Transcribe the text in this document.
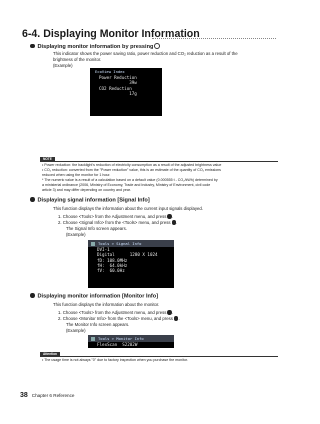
6-4. Displaying Monitor Information
Displaying monitor information by pressing
This indicator shows the power saving ratio, power reduction and CO₂ reduction as a result of the
brightness of the monitor.
(Example)
EcoView Index
Power Reduction
39w
CO2 Reduction
17g
NOTE
• Power reduction: the backlight's reduction of electricity consumption as a result of the adjusted brightness value
• CO₂ reduction: converted from the "Power reduction" value, this is an estimate of the quantity of CO₂ emissions
reduced when using the monitor for 1 hour.
* The numeric value is a result of a calculation based on a default value (0.000555 t - CO₂/kWh) determined by
a ministerial ordinance (2006, Ministry of Economy, Trade and Industry, Ministry of Environment, civil code
article 3) and may differ depending on country and year.
Displaying signal information [Signal Info]
This function displays the information about the current input signals displayed.
1. Choose <Tools> from the Adjustment menu, and press .
2. Choose <Signal Info> from the <Tools> menu, and press .
The Signal Info screen appears.
(Example)
Tools > Signal Info
DVI-1
Digital      1280 X 1024
fD: 108.0MHz
fH:  64.0kHz
fV:  60.0Hz
Displaying monitor information [Monitor Info]
This function displays the information about the monitor.
1. Choose <Tools> from the Adjustment menu, and press .
2. Choose <Monitor Info> from the <Tools> menu, and press .
The Monitor Info screen appears.
(Example)
Tools > Monitor Info
FlexScan  S2202W
Attention
• The usage time is not always "0" due to factory inspection when you purchase the monitor.
38 Chapter 6 Reference
